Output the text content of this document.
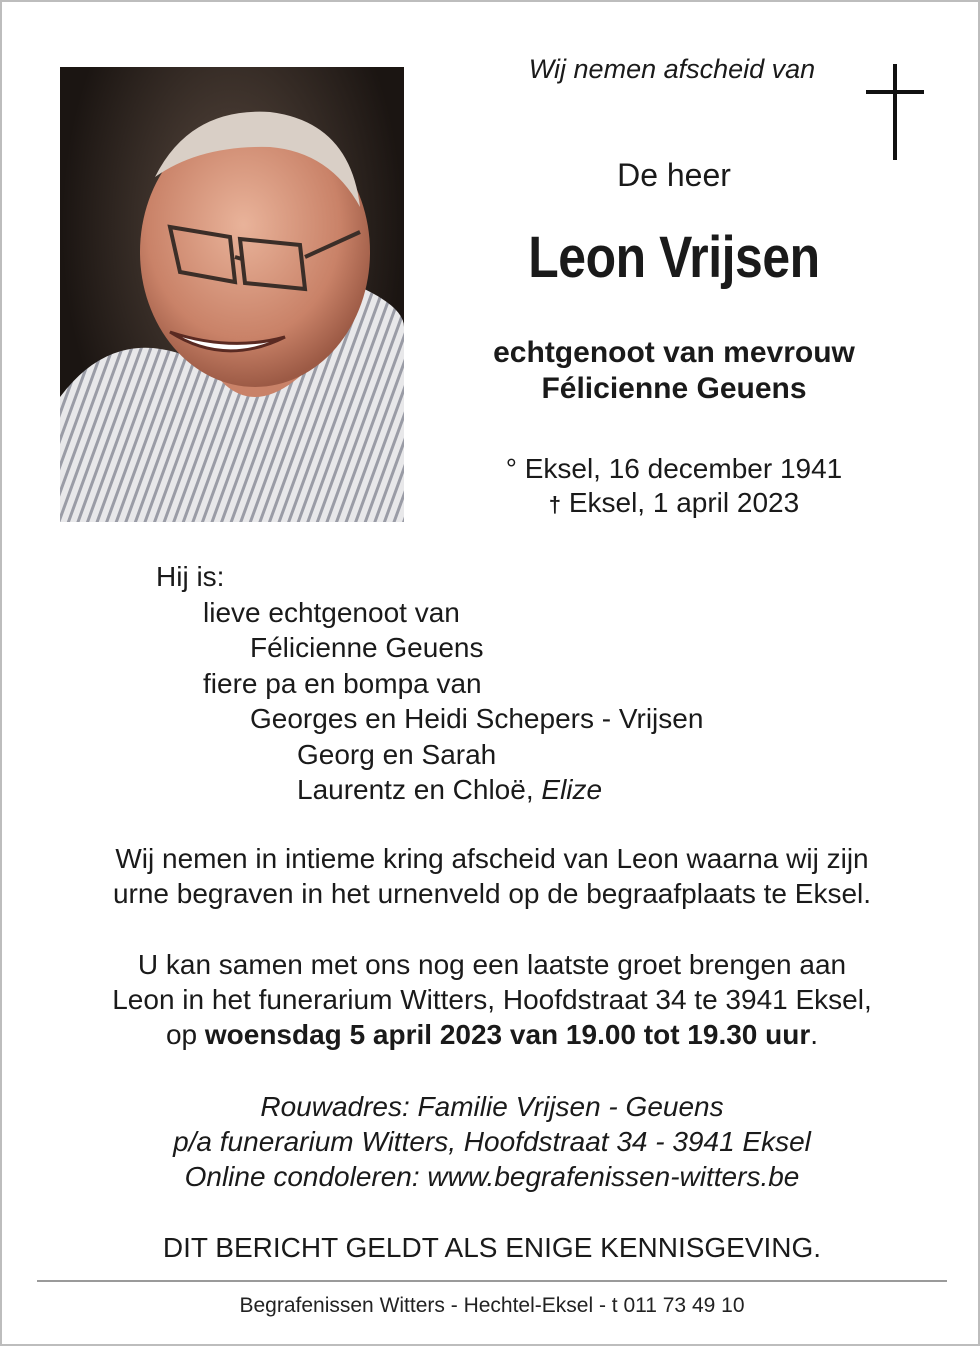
Wij nemen afscheid van
De heer
Leon Vrijsen
echtgenoot van mevrouw
Félicienne Geuens
° Eksel, 16 december 1941
† Eksel, 1 april 2023
Hij is:
lieve echtgenoot van
Félicienne Geuens
fiere pa en bompa van
Georges en Heidi Schepers - Vrijsen
Georg en Sarah
Laurentz en Chloë, Elize
Wij nemen in intieme kring afscheid van Leon waarna wij zijn
urne begraven in het urnenveld op de begraafplaats te Eksel.
U kan samen met ons nog een laatste groet brengen aan
Leon in het funerarium Witters, Hoofdstraat 34 te 3941 Eksel,
op woensdag 5 april 2023 van 19.00 tot 19.30 uur.
Rouwadres: Familie Vrijsen - Geuens
p/a funerarium Witters, Hoofdstraat 34 - 3941 Eksel
Online condoleren: www.begrafenissen-witters.be
DIT BERICHT GELDT ALS ENIGE KENNISGEVING.
Begrafenissen Witters - Hechtel-Eksel - t 011 73 49 10
